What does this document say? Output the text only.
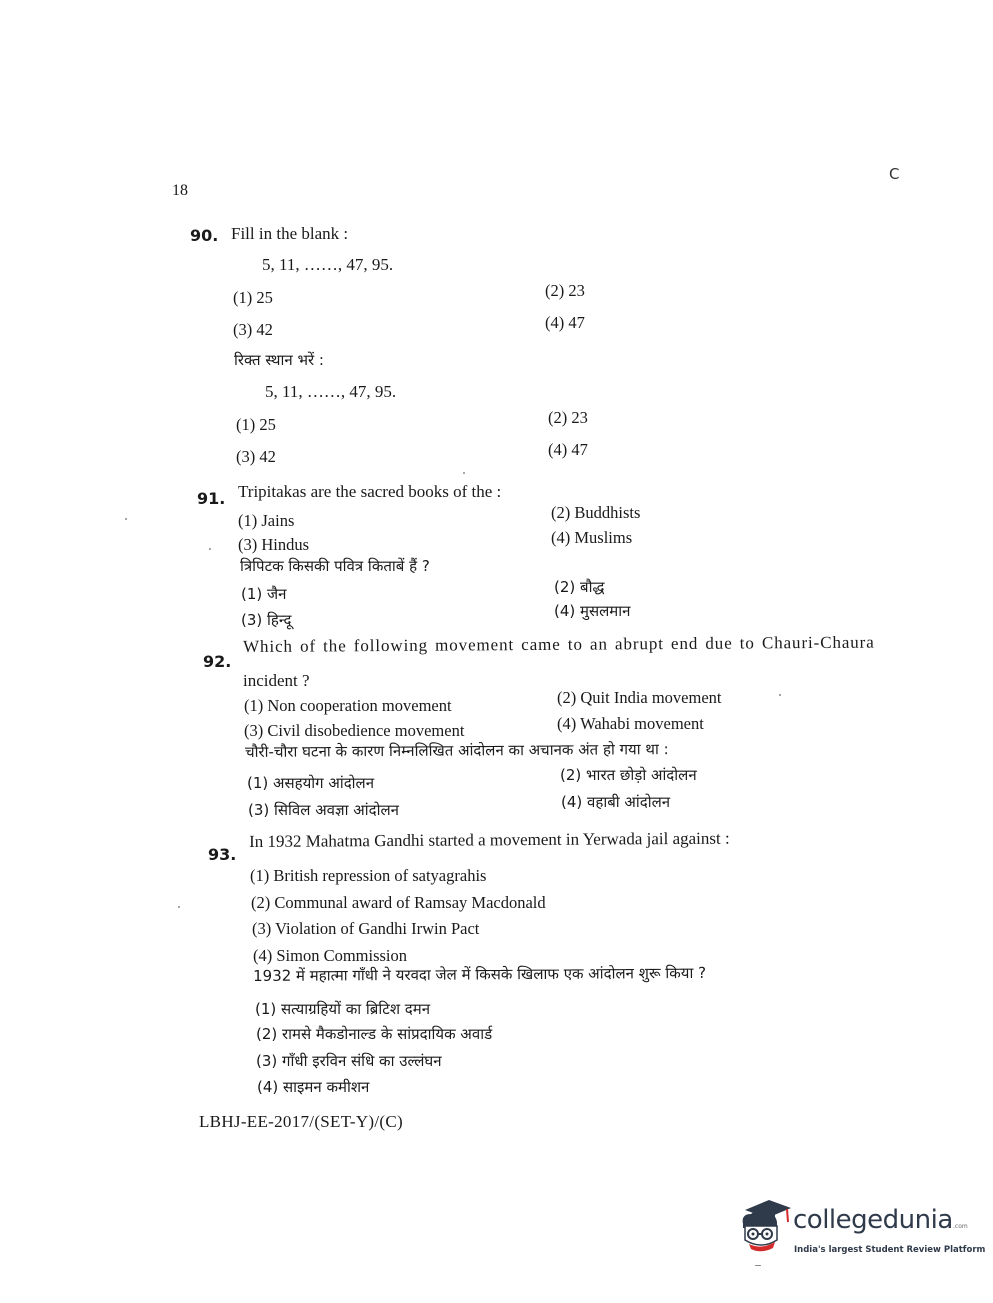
18
C
90. Fill in the blank :
5, 11, ……, 47, 95.
(1) 25	(2) 23
(3) 42	(4) 47
रिक्त स्थान भरें :
5, 11, ……, 47, 95.
(1) 25	(2) 23
(3) 42	(4) 47
91. Tripitakas are the sacred books of the :
(1) Jains	(2) Buddhists
(3) Hindus	(4) Muslims
त्रिपिटक किसकी पवित्र किताबें हैं ?
(1) जैन	(2) बौद्ध
(3) हिन्दू	(4) मुसलमान
92.
Which of the following movement came to an abrupt end due to Chauri-Chaura
incident ?
(1) Non cooperation movement	(2) Quit India movement
(3) Civil disobedience movement	(4) Wahabi movement
चौरी-चौरा घटना के कारण निम्नलिखित आंदोलन का अचानक अंत हो गया था :
(1) असहयोग आंदोलन	(2) भारत छोड़ो आंदोलन
(3) सिविल अवज्ञा आंदोलन	(4) वहाबी आंदोलन
93.
In 1932 Mahatma Gandhi started a movement in Yerwada jail against :
(1) British repression of satyagrahis
(2) Communal award of Ramsay Macdonald
(3) Violation of Gandhi Irwin Pact
(4) Simon Commission
1932 में महात्मा गाँधी ने यरवदा जेल में किसके खिलाफ एक आंदोलन शुरू किया ?
(1) सत्याग्रहियों का ब्रिटिश दमन
(2) रामसे मैकडोनाल्ड के सांप्रदायिक अवार्ड
(3) गाँधी इरविन संधि का उल्लंघन
(4) साइमन कमीशन
LBHJ-EE-2017/(SET-Y)/(C)
collegedunia .com
India's largest Student Review Platform
